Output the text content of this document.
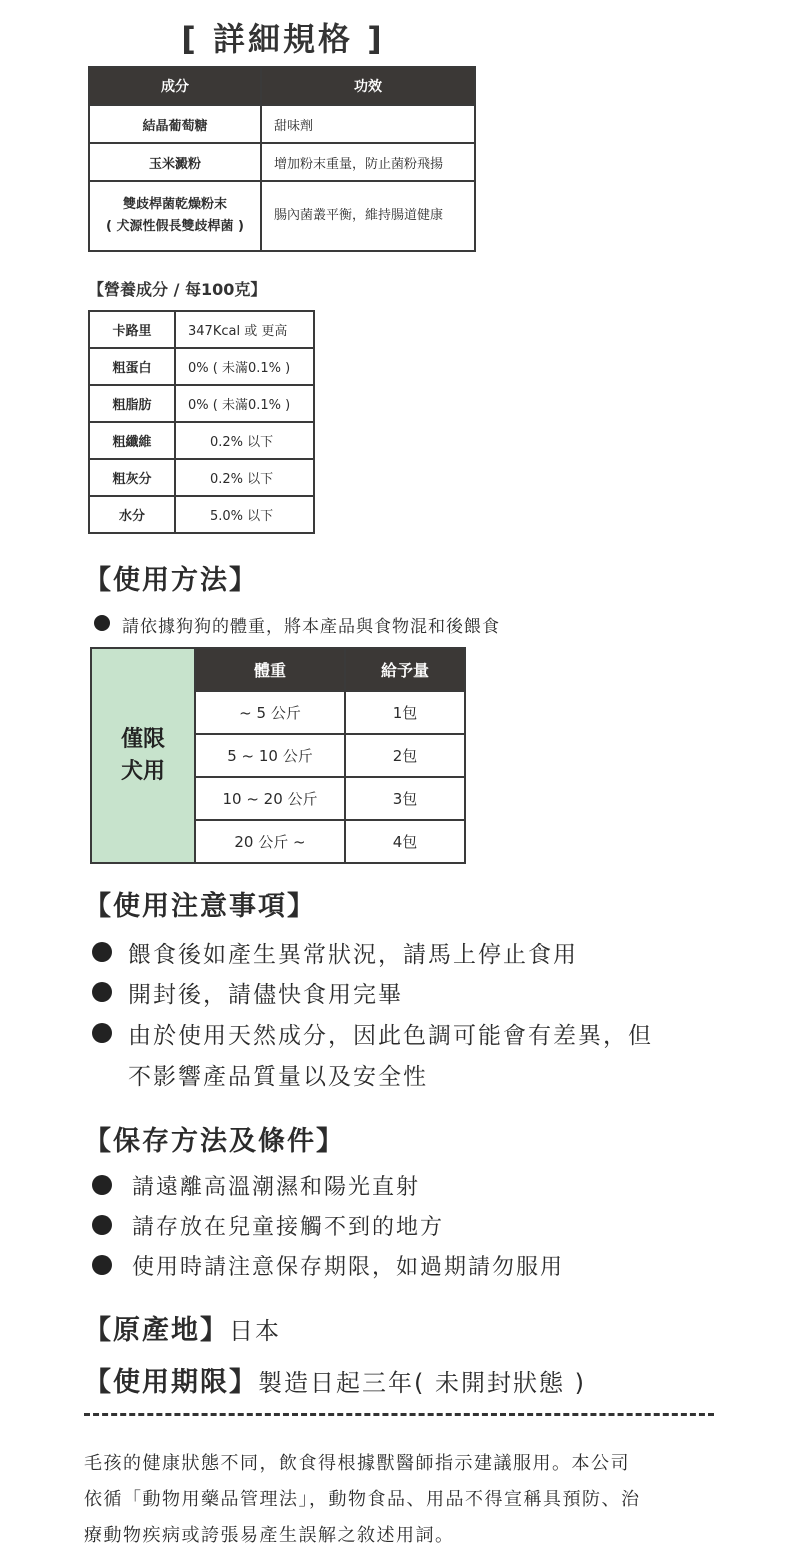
[ 詳細規格 ]
成分	功效
結晶葡萄糖	甜味劑
玉米澱粉	增加粉末重量，防止菌粉飛揚

雙歧桿菌乾燥粉末
( 犬源性假長雙歧桿菌 )	腸內菌叢平衡，維持腸道健康
【營養成分 / 每100克】
卡路里	347Kcal 或 更高
粗蛋白	0% ( 未滿0.1% )
粗脂肪	0% ( 未滿0.1% )
粗纖維	0.2% 以下
粗灰分	0.2% 以下
水分	5.0% 以下
【使用方法】
請依據狗狗的體重，將本產品與食物混和後餵食
僅限
犬用	體重	給予量
	~ 5 公斤	1包
	5 ~ 10 公斤	2包
	10 ~ 20 公斤	3包
	20 公斤 ~	4包
【使用注意事項】
餵食後如產生異常狀況，請馬上停止食用
開封後，請儘快食用完畢
由於使用天然成分，因此色調可能會有差異，但
不影響產品質量以及安全性
【保存方法及條件】
請遠離高溫潮濕和陽光直射
請存放在兒童接觸不到的地方
使用時請注意保存期限，如過期請勿服用
【原產地】日本
【使用期限】製造日起三年( 未開封狀態 )
毛孩的健康狀態不同，飲食得根據獸醫師指示建議服用。本公司
依循「動物用藥品管理法」，動物食品、用品不得宣稱具預防、治
療動物疾病或誇張易產生誤解之敘述用詞。
